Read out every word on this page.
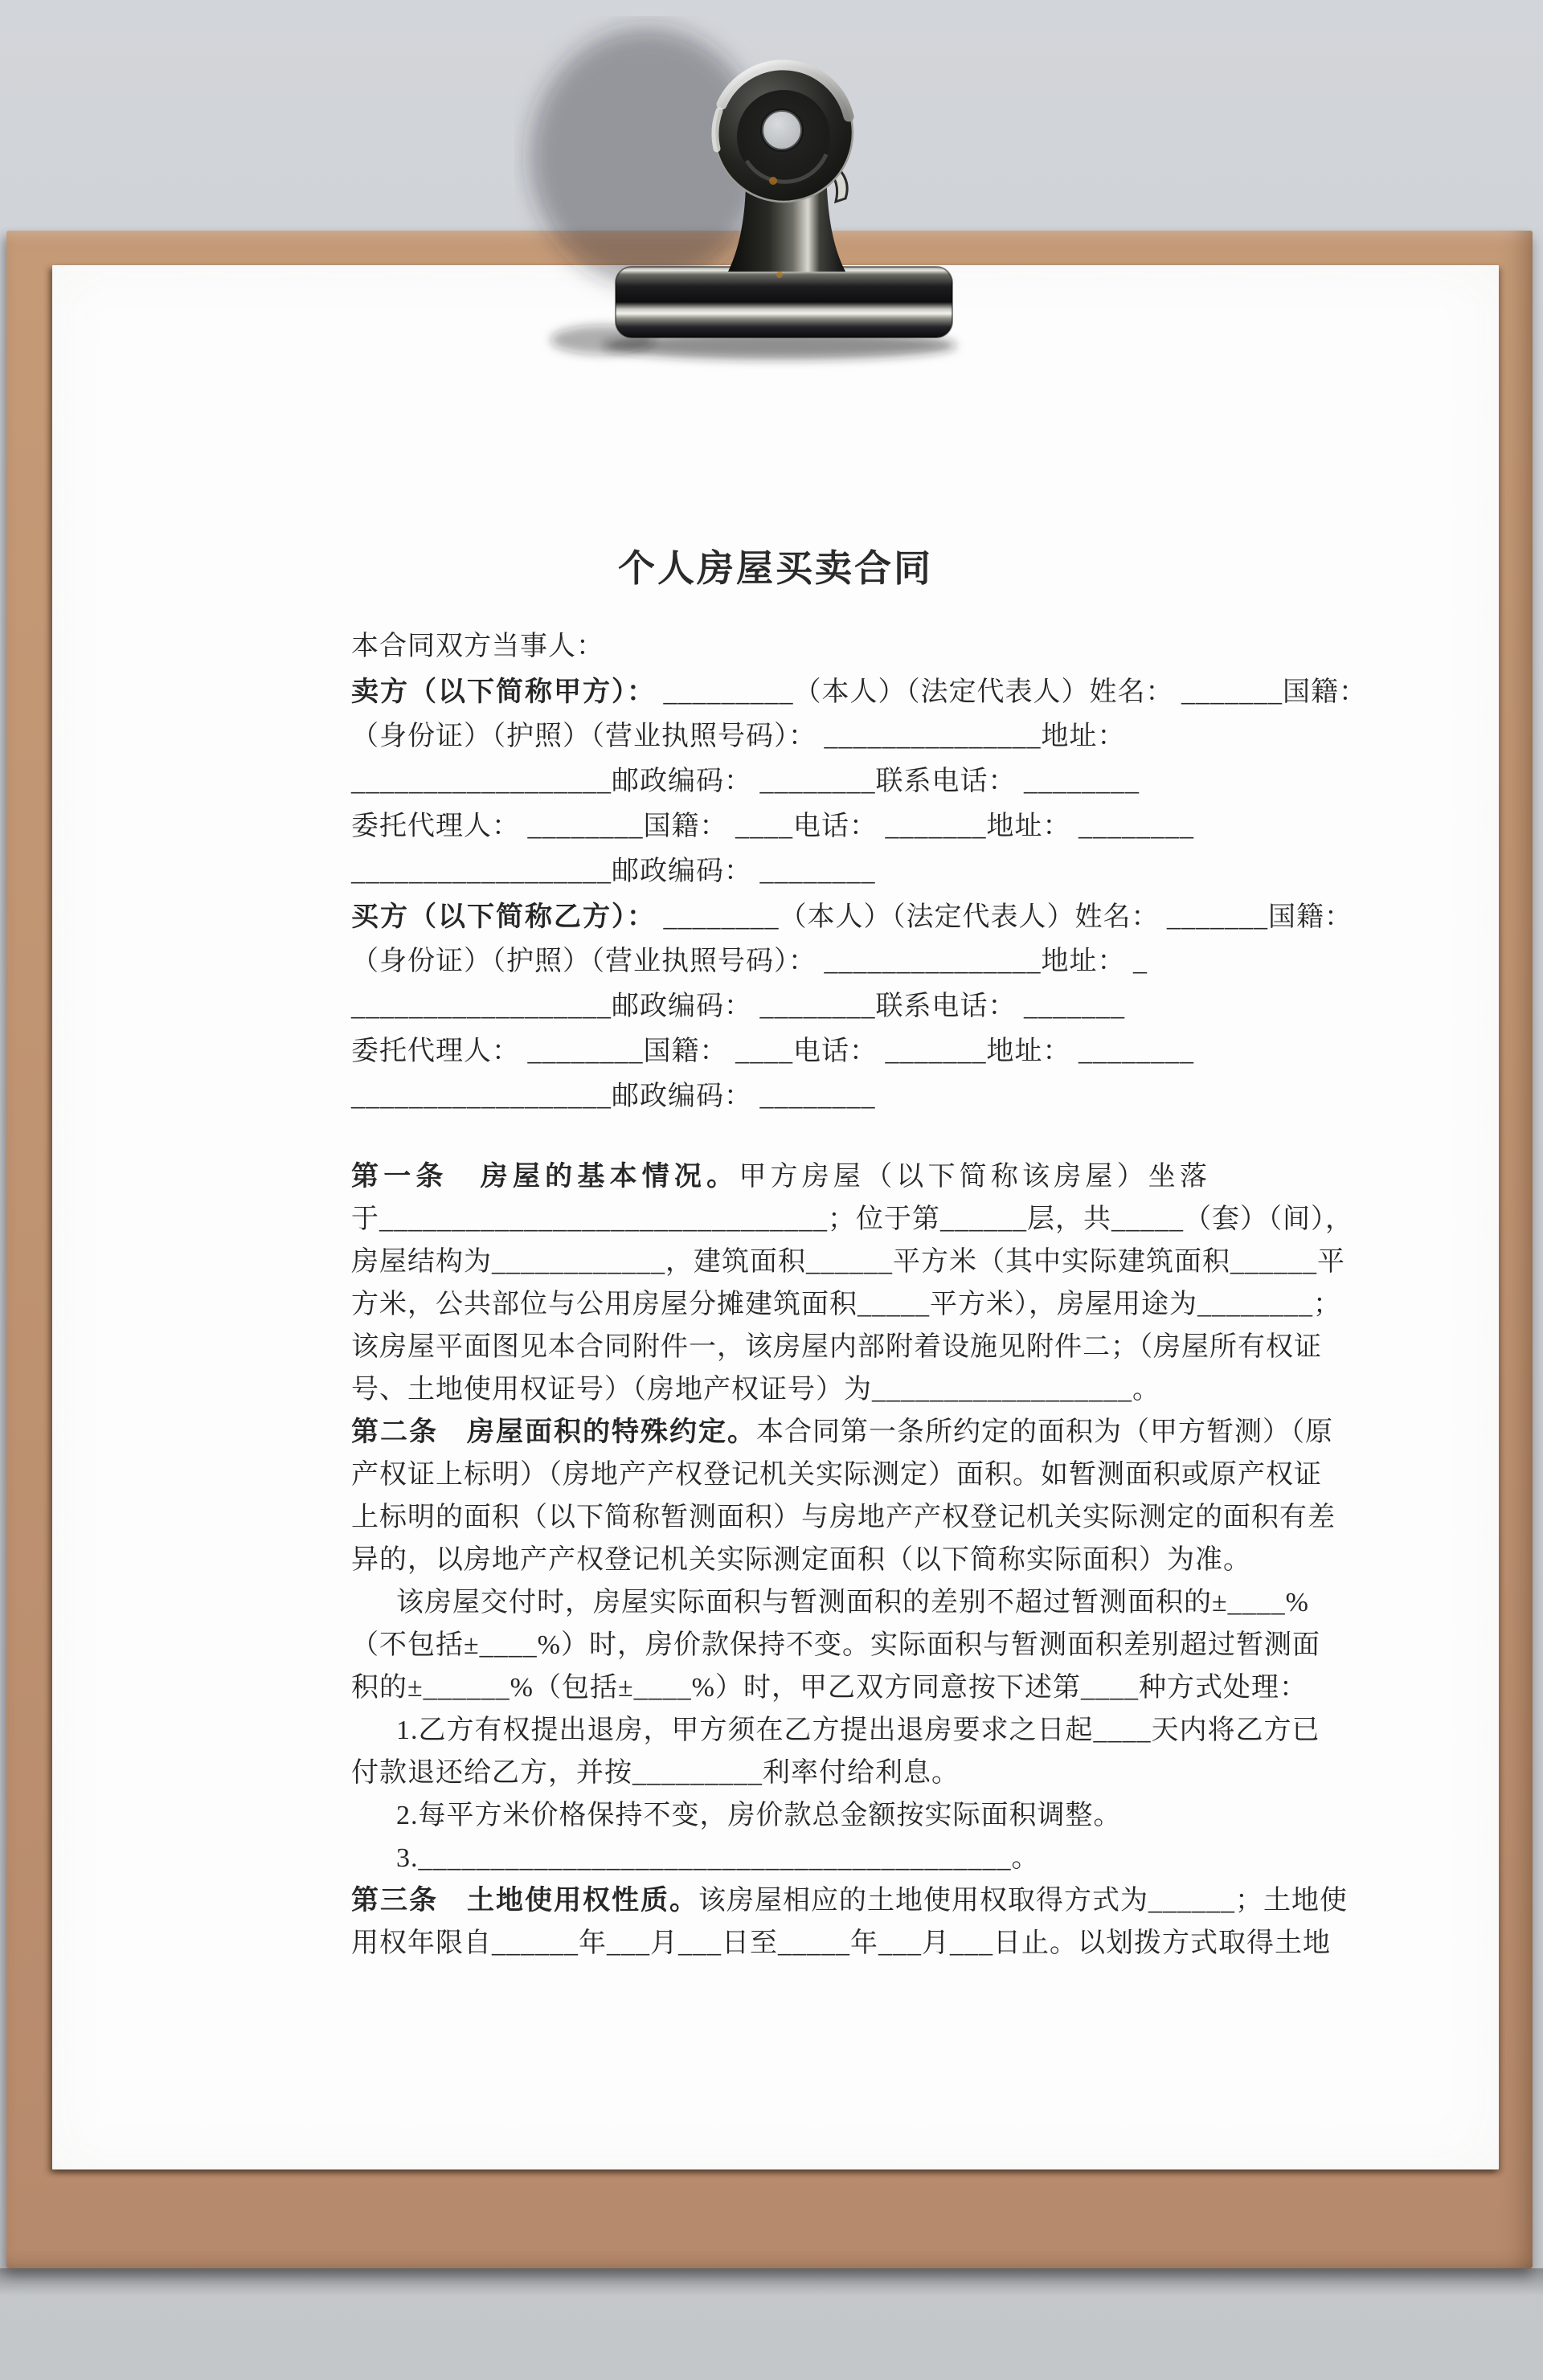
个人房屋买卖合同
本合同双方当事人：
卖方（以下简称甲方）： _________（本人）（法定代表人）姓名： _______国籍：
（身份证）（护照）（营业执照号码）： _______________地址：
__________________邮政编码： ________联系电话： ________
委托代理人： ________国籍： ____电话： _______地址： ________
__________________邮政编码： ________
买方（以下简称乙方）： ________（本人）（法定代表人）姓名： _______国籍：
（身份证）（护照）（营业执照号码）： _______________地址： _
__________________邮政编码： ________联系电话： _______
委托代理人： ________国籍： ____电话： _______地址： ________
__________________邮政编码： ________
第一条　房屋的基本情况。甲方房屋（以下简称该房屋）坐落
于_______________________________；位于第______层，共_____（套）（间），
房屋结构为____________，建筑面积______平方米（其中实际建筑面积______平
方米，公共部位与公用房屋分摊建筑面积_____平方米），房屋用途为________；
该房屋平面图见本合同附件一，该房屋内部附着设施见附件二；（房屋所有权证
号、土地使用权证号）（房地产权证号）为__________________。
第二条　房屋面积的特殊约定。本合同第一条所约定的面积为（甲方暂测）（原
产权证上标明）（房地产产权登记机关实际测定）面积。如暂测面积或原产权证
上标明的面积（以下简称暂测面积）与房地产产权登记机关实际测定的面积有差
异的，以房地产产权登记机关实际测定面积（以下简称实际面积）为准。
该房屋交付时，房屋实际面积与暂测面积的差别不超过暂测面积的±____%
（不包括±____%）时，房价款保持不变。实际面积与暂测面积差别超过暂测面
积的±______%（包括±____%）时，甲乙双方同意按下述第____种方式处理：
1.乙方有权提出退房，甲方须在乙方提出退房要求之日起____天内将乙方已
付款退还给乙方，并按_________利率付给利息。
2.每平方米价格保持不变，房价款总金额按实际面积调整。
3._________________________________________。
第三条　土地使用权性质。该房屋相应的土地使用权取得方式为______；土地使
用权年限自______年___月___日至_____年___月___日止。以划拨方式取得土地
